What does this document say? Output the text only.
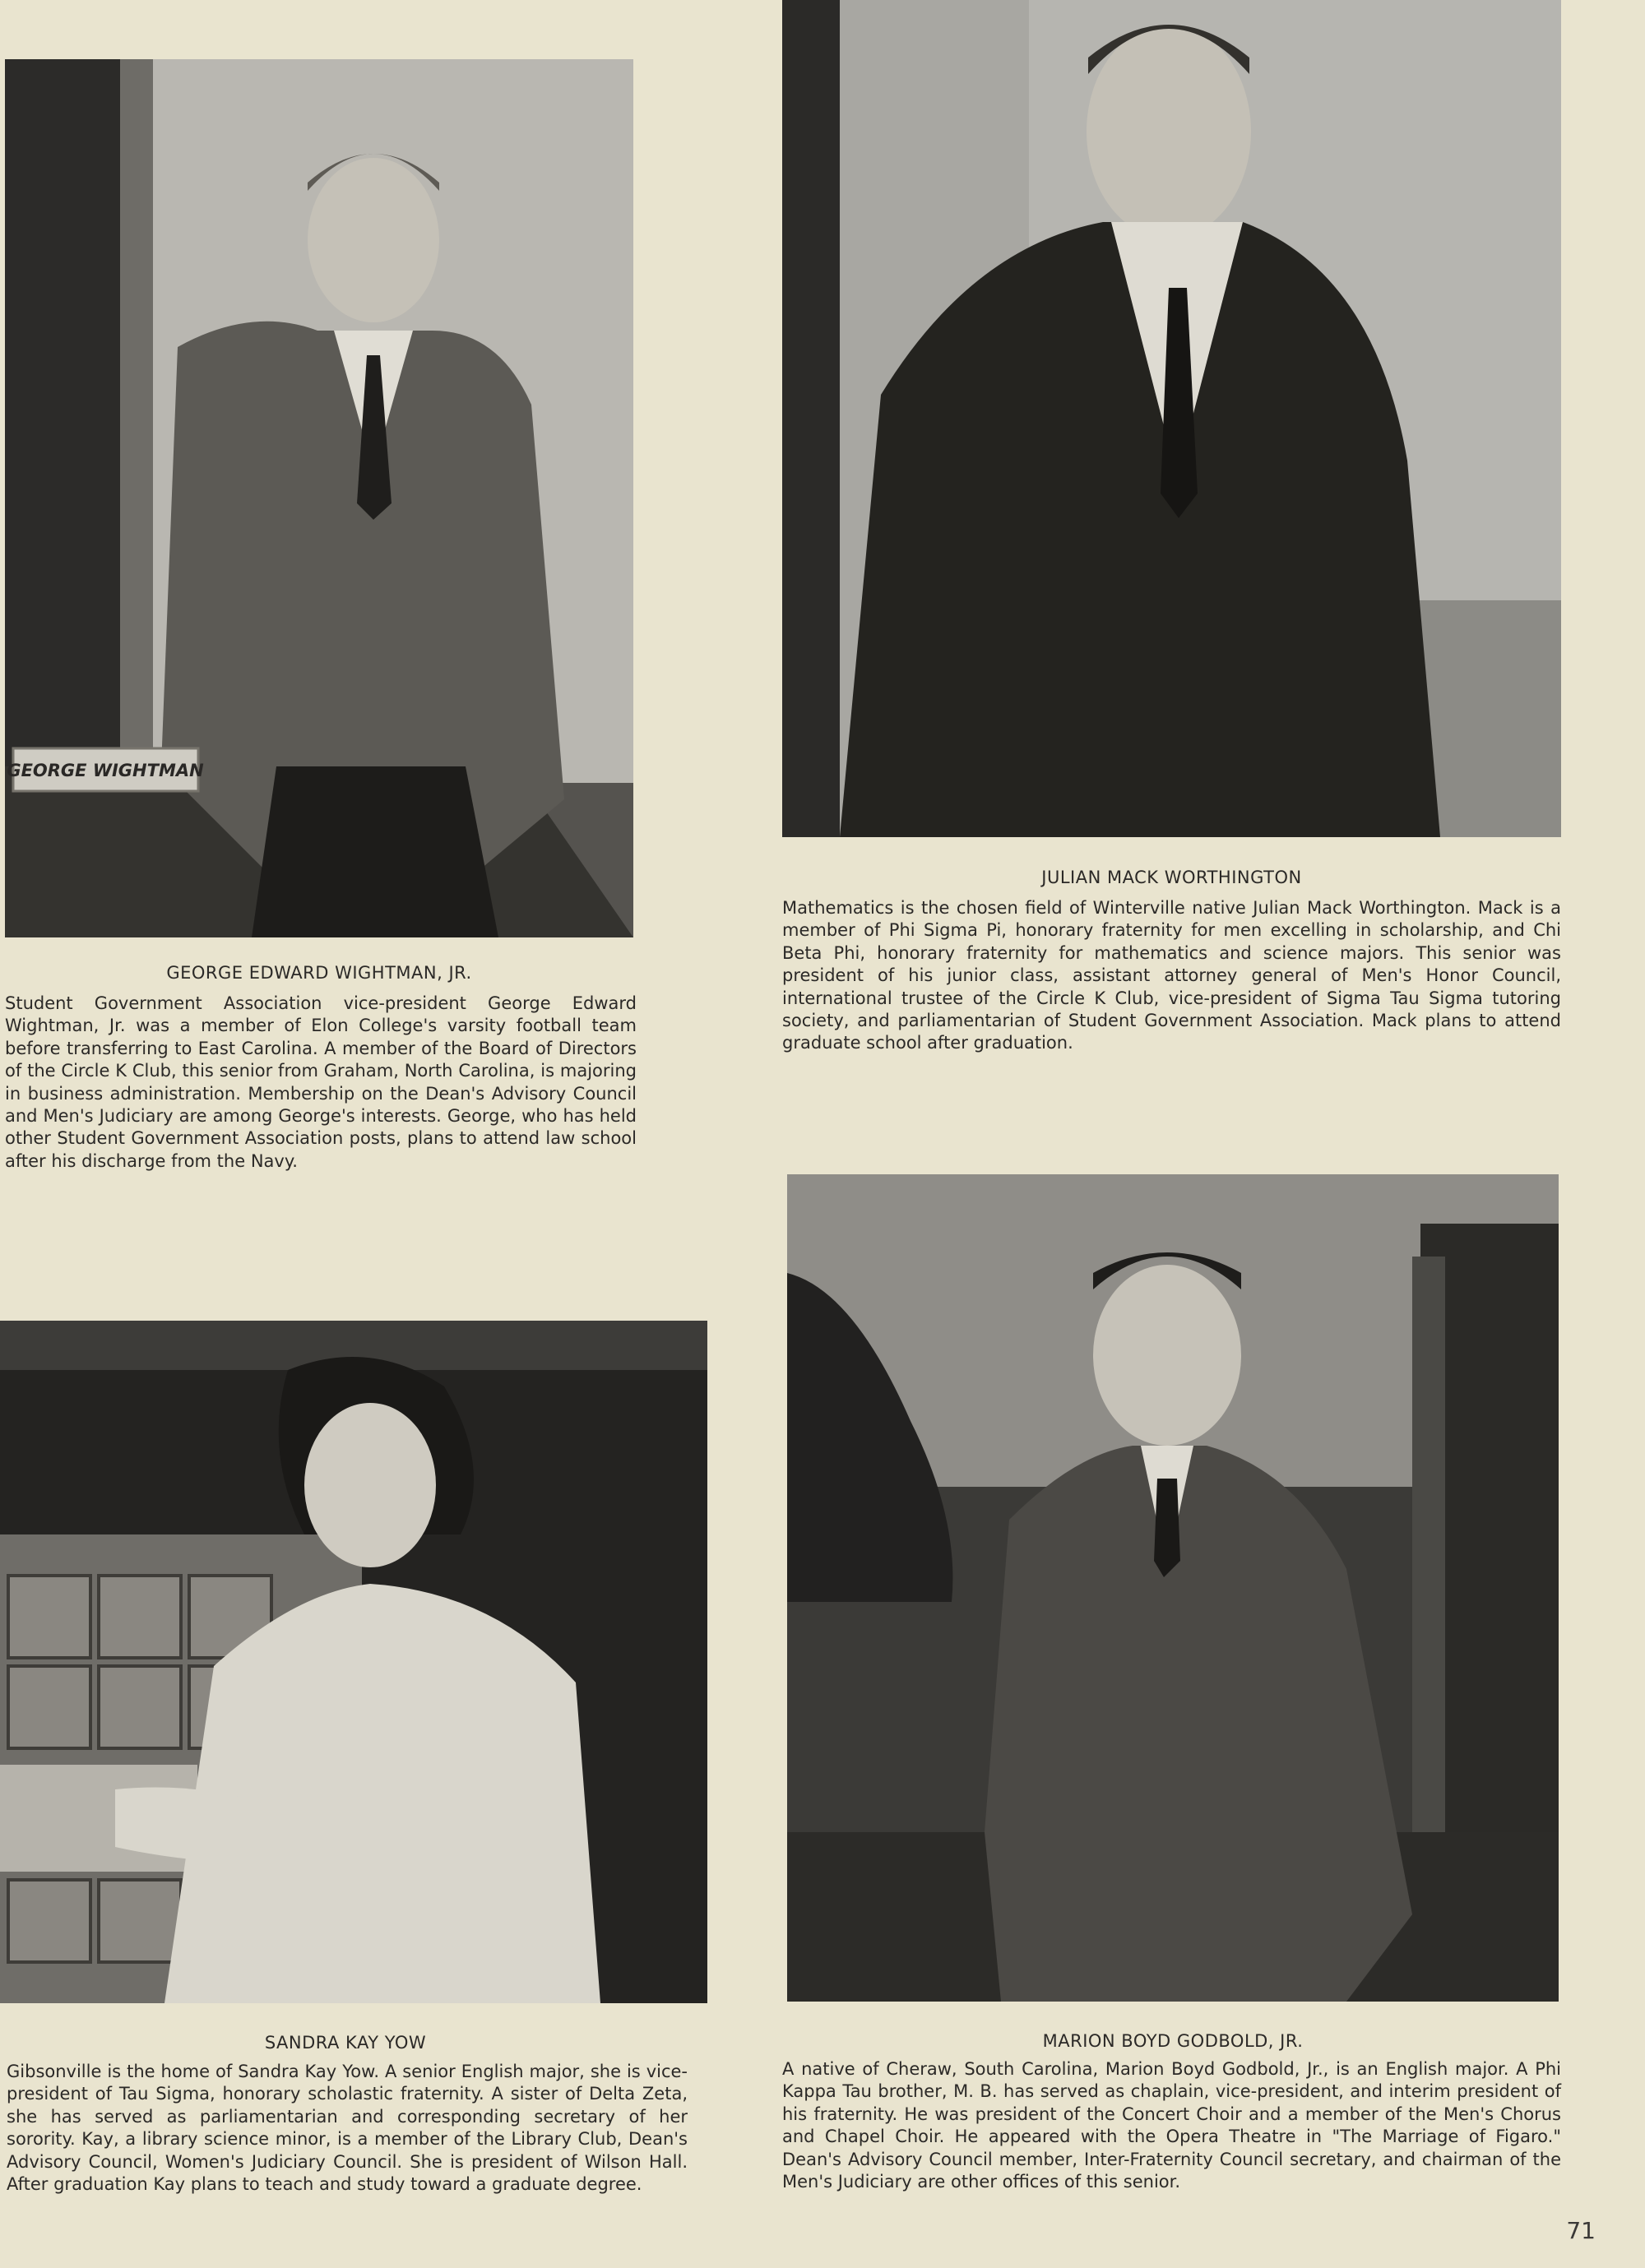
GEORGE WIGHTMAN
GEORGE EDWARD WIGHTMAN, JR.
Student Government Association vice-president George Edward Wightman, Jr. was a member of Elon College's varsity football team before transferring to East Carolina. A member of the Board of Directors of the Circle K Club, this senior from Graham, North Carolina, is majoring in business administration. Membership on the Dean's Advisory Council and Men's Judiciary are among George's interests. George, who has held other Student Government Association posts, plans to attend law school after his discharge from the Navy.
JULIAN MACK WORTHINGTON
Mathematics is the chosen field of Winterville native Julian Mack Worthington. Mack is a member of Phi Sigma Pi, honorary fraternity for men excelling in scholarship, and Chi Beta Phi, honorary fraternity for mathematics and science majors. This senior was president of his junior class, assistant attorney general of Men's Honor Council, international trustee of the Circle K Club, vice-president of Sigma Tau Sigma tutoring society, and parliamentarian of Student Government Association. Mack plans to attend graduate school after graduation.
SANDRA KAY YOW
Gibsonville is the home of Sandra Kay Yow. A senior English major, she is vice-president of Tau Sigma, honorary scholastic fraternity. A sister of Delta Zeta, she has served as parliamentarian and corresponding secretary of her sorority. Kay, a library science minor, is a member of the Library Club, Dean's Advisory Council, Women's Judiciary Council. She is president of Wilson Hall. After graduation Kay plans to teach and study toward a graduate degree.
MARION BOYD GODBOLD, JR.
A native of Cheraw, South Carolina, Marion Boyd Godbold, Jr., is an English major. A Phi Kappa Tau brother, M. B. has served as chaplain, vice-president, and interim president of his fraternity. He was president of the Concert Choir and a member of the Men's Chorus and Chapel Choir. He appeared with the Opera Theatre in "The Marriage of Figaro." Dean's Advisory Council member, Inter-Fraternity Council secretary, and chairman of the Men's Judiciary are other offices of this senior.
71
